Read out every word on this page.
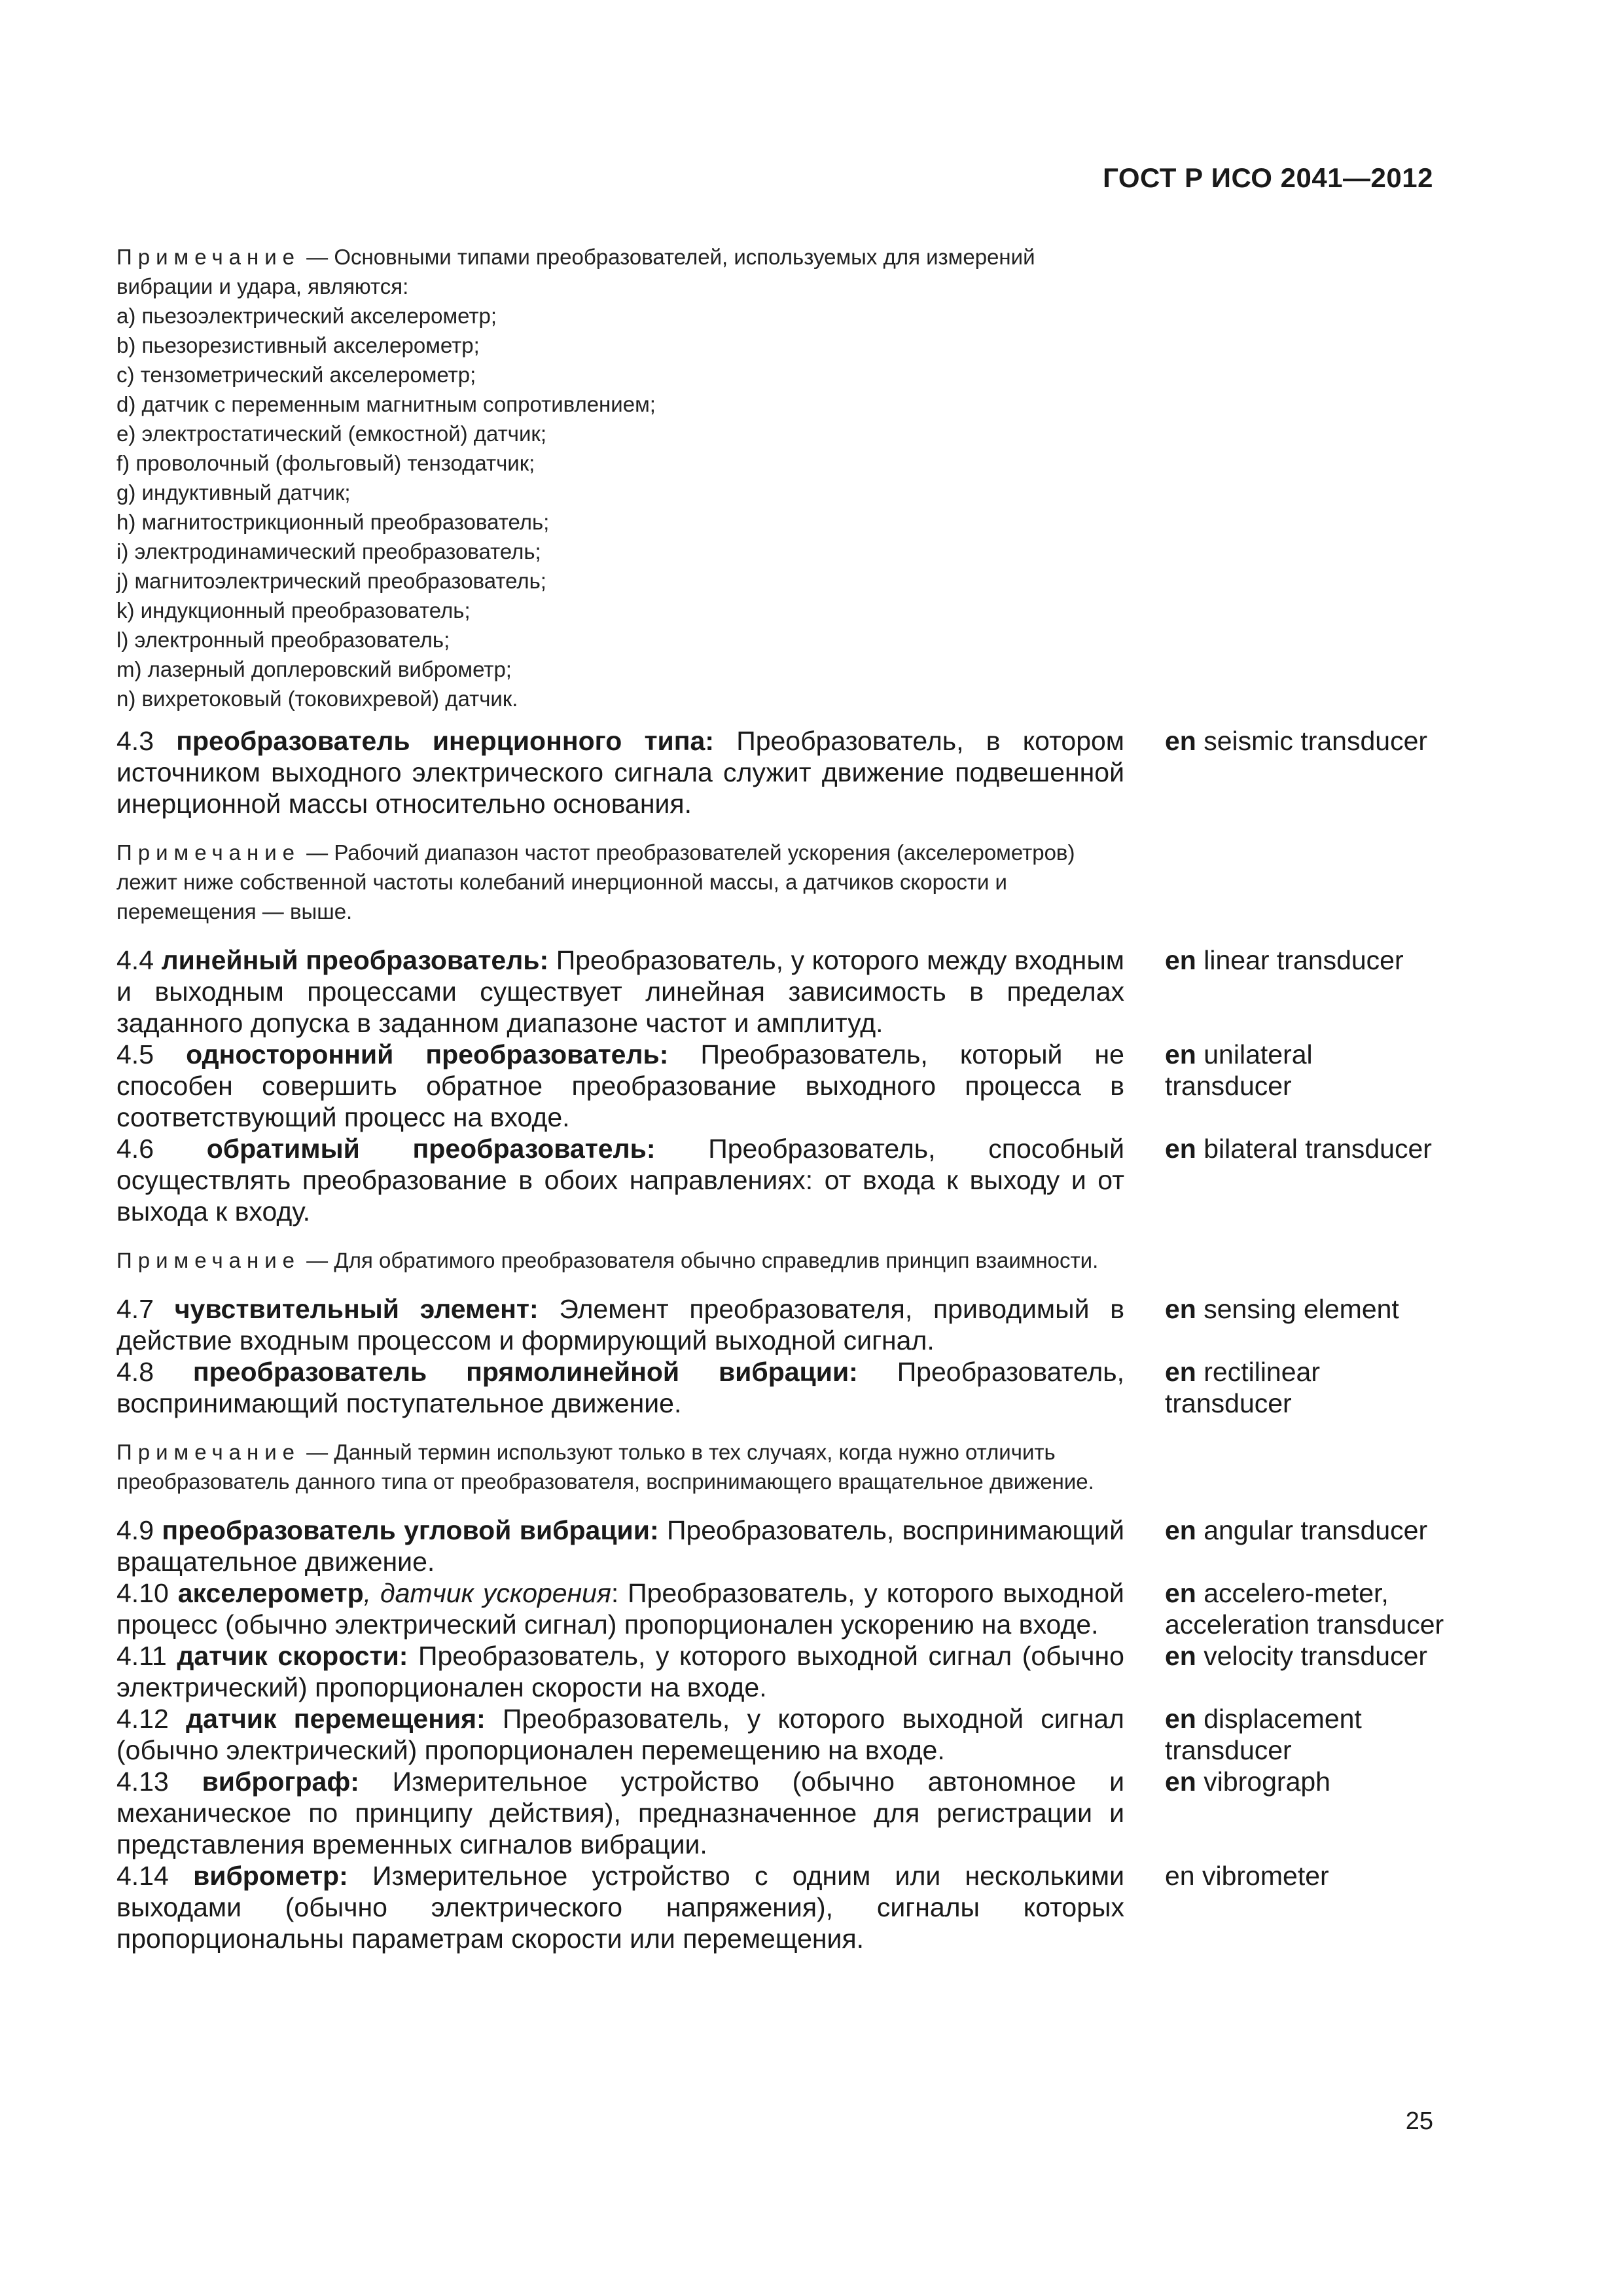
ГОСТ Р ИСО 2041—2012
Примечание — Основными типами преобразователей, используемых для измерений вибрации и удара, являются:
a) пьезоэлектрический акселерометр;
b) пьезорезистивный акселерометр;
c) тензометрический акселерометр;
d) датчик с переменным магнитным сопротивлением;
e) электростатический (емкостной) датчик;
f) проволочный (фольговый) тензодатчик;
g) индуктивный датчик;
h) магнитострикционный преобразователь;
i) электродинамический преобразователь;
j) магнитоэлектрический преобразователь;
k) индукционный преобразователь;
l) электронный преобразователь;
m) лазерный доплеровский виброметр;
n) вихретоковый (токовихревой) датчик.
4.3 преобразователь инерционного типа: Преобразователь, в котором источником выходного электрического сигнала служит движение подвешенной инерционной массы относительно основания.
en seismic transducer
Примечание — Рабочий диапазон частот преобразователей ускорения (акселерометров) лежит ниже собственной частоты колебаний инерционной массы, а датчиков скорости и перемещения — выше.
4.4 линейный преобразователь: Преобразователь, у которого между входным и выходным процессами существует линейная зависимость в пределах заданного допуска в заданном диапазоне частот и амплитуд.
en linear transducer
4.5 односторонний преобразователь: Преобразователь, который не способен совершить обратное преобразование выходного процесса в соответствующий процесс на входе.
en unilateral transducer
4.6 обратимый преобразователь: Преобразователь, способный осуществлять преобразование в обоих направлениях: от входа к выходу и от выхода к входу.
en bilateral transducer
Примечание — Для обратимого преобразователя обычно справедлив принцип взаимности.
4.7 чувствительный элемент: Элемент преобразователя, приводимый в действие входным процессом и формирующий выходной сигнал.
en sensing element
4.8 преобразователь прямолинейной вибрации: Преобразователь, воспринимающий поступательное движение.
en rectilinear transducer
Примечание — Данный термин используют только в тех случаях, когда нужно отличить преобразователь данного типа от преобразователя, воспринимающего вращательное движение.
4.9 преобразователь угловой вибрации: Преобразователь, воспринимающий вращательное движение.
en angular transducer
4.10 акселерометр, датчик ускорения: Преобразователь, у которого выходной процесс (обычно электрический сигнал) пропорционален ускорению на входе.
en accelero-meter, acceleration transducer
4.11 датчик скорости: Преобразователь, у которого выходной сигнал (обычно электрический) пропорционален скорости на входе.
en velocity transducer
4.12 датчик перемещения: Преобразователь, у которого выходной сигнал (обычно электрический) пропорционален перемещению на входе.
en displacement transducer
4.13 виброграф: Измерительное устройство (обычно автономное и механическое по принципу действия), предназначенное для регистрации и представления временных сигналов вибрации.
en vibrograph
4.14 виброметр: Измерительное устройство с одним или несколькими выходами (обычно электрического напряжения), сигналы которых пропорциональны параметрам скорости или перемещения.
en vibrometer
25
